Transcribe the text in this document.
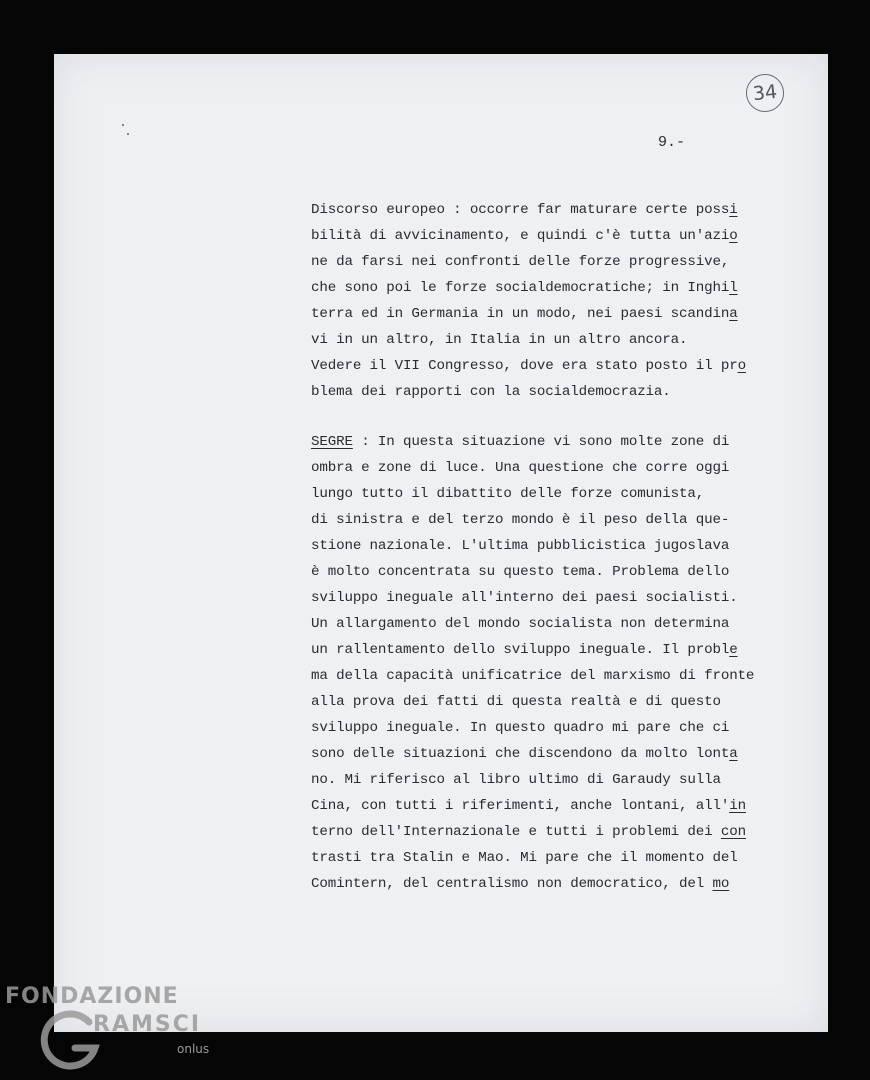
34
9.-
Discorso europeo : occorre far maturare certe possi
bilità di avvicinamento, e quindi c'è tutta un'azio
ne da farsi nei confronti delle forze progressive,
che sono poi le forze socialdemocratiche; in Inghil
terra ed in Germania in un modo, nei paesi scandina
vi in un altro, in Italia in un altro ancora.
Vedere il VII Congresso, dove era stato posto il pro
blema dei rapporti con la socialdemocrazia.
SEGRE : In questa situazione vi sono molte zone di
ombra e zone di luce. Una questione che corre oggi
lungo tutto il dibattito delle forze comunista,
di sinistra e del terzo mondo è il peso della que-
stione nazionale. L'ultima pubblicistica jugoslava
è molto concentrata su questo tema. Problema dello
sviluppo ineguale all'interno dei paesi socialisti.
Un allargamento del mondo socialista non determina
un rallentamento dello sviluppo ineguale. Il proble
ma della capacità unificatrice del marxismo di fronte
alla prova dei fatti di questa realtà e di questo
sviluppo ineguale. In questo quadro mi pare che ci
sono delle situazioni che discendono da molto lonta
no. Mi riferisco al libro ultimo di Garaudy sulla
Cina, con tutti i riferimenti, anche lontani, all'in
terno dell'Internazionale e tutti i problemi dei con
trasti tra Stalin e Mao. Mi pare che il momento del
Comintern, del centralismo non democratico, del mo
FONDAZIONE
RAMSCI
onlus
